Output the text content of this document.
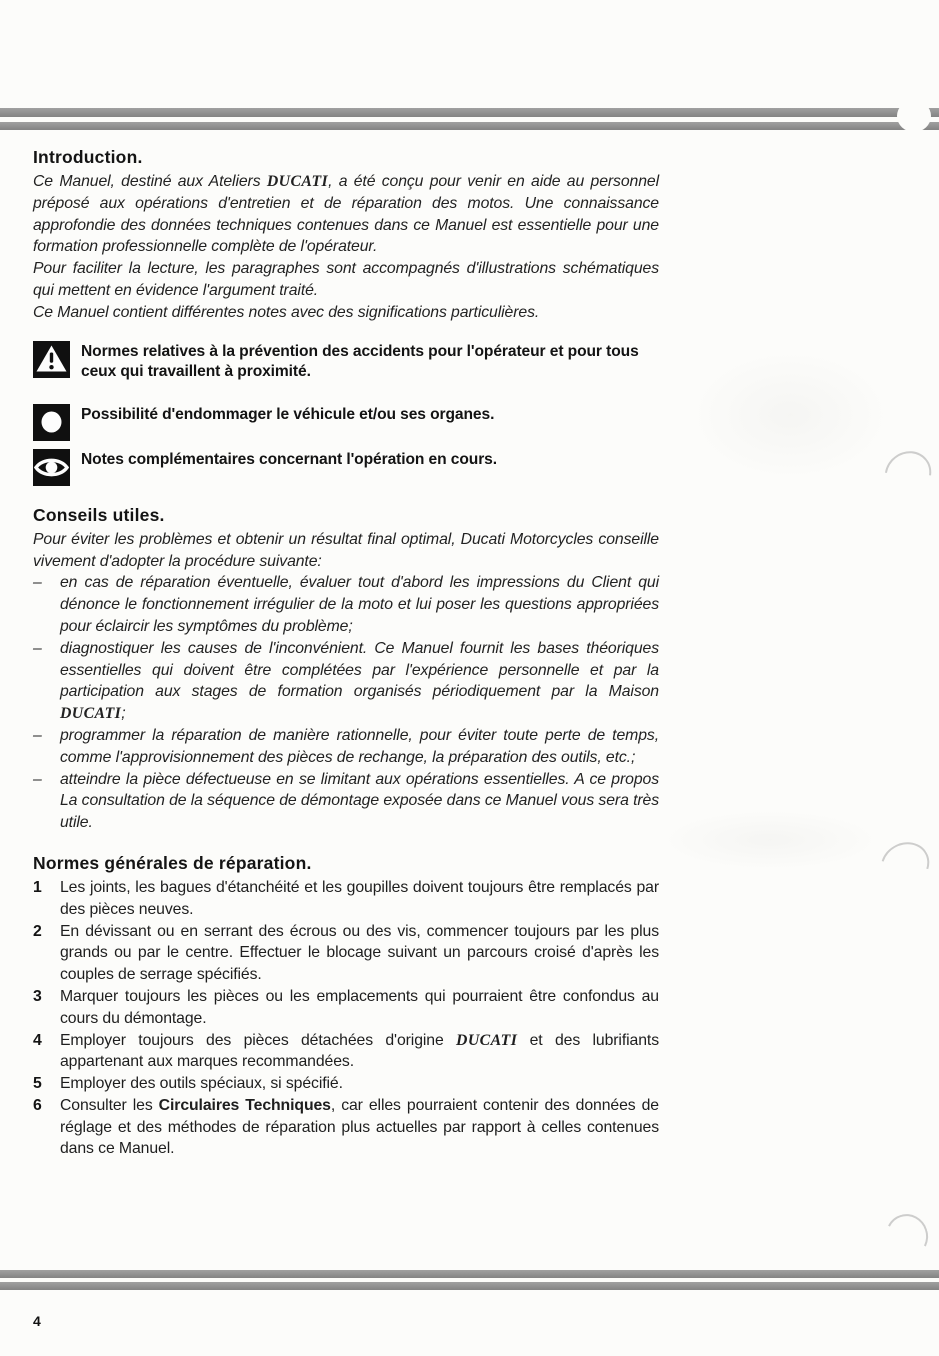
Introduction.

Ce Manuel, destiné aux Ateliers DUCATI, a été conçu pour venir en aide au personnel préposé aux opérations d'entretien et de réparation des motos. Une connaissance approfondie des données techniques contenues dans ce Manuel est essentielle pour une formation professionnelle complète de l'opérateur.

Pour faciliter la lecture, les paragraphes sont accompagnés d'illustrations schématiques qui mettent en évidence l'argument traité.

Ce Manuel contient différentes notes avec des significations particulières.

Normes relatives à la prévention des accidents pour l'opérateur et pour tous ceux qui travaillent à proximité.
Possibilité d'endommager le véhicule et/ou ses organes.
Notes complémentaires concernant l'opération en cours.
Conseils utiles.

Pour éviter les problèmes et obtenir un résultat final optimal, Ducati Motorcycles conseille vivement d'adopter la procédure suivante:

–	en cas de réparation éventuelle, évaluer tout d'abord les impressions du Client qui dénonce le fonctionnement irrégulier de la moto et lui poser les questions appropriées pour éclaircir les symptômes du problème;
–	diagnostiquer les causes de l'inconvénient. Ce Manuel fournit les bases théoriques essentielles qui doivent être complétées par l'expérience personnelle et par la participation aux stages de formation organisés périodiquement par la Maison DUCATI;
–	programmer la réparation de manière rationnelle, pour éviter toute perte de temps, comme l'approvisionnement des pièces de rechange, la préparation des outils, etc.;
–	atteindre la pièce défectueuse en se limitant aux opérations essentielles. A ce propos La consultation de la séquence de démontage exposée dans ce Manuel vous sera très utile.
Normes générales de réparation.
1	Les joints, les bagues d'étanchéité et les goupilles doivent toujours être remplacés par des pièces neuves.
2	En dévissant ou en serrant des écrous ou des vis, commencer toujours par les plus grands ou par le centre. Effectuer le blocage suivant un parcours croisé d'après les couples de serrage spécifiés.
3	Marquer toujours les pièces ou les emplacements qui pourraient être confondus au cours du démontage.
4	Employer toujours des pièces détachées d'origine DUCATI et des lubrifiants appartenant aux marques recommandées.
5	Employer des outils spéciaux, si spécifié.
6	Consulter les Circulaires Techniques, car elles pourraient contenir des données de réglage et des méthodes de réparation plus actuelles par rapport à celles contenues dans ce Manuel.
4
